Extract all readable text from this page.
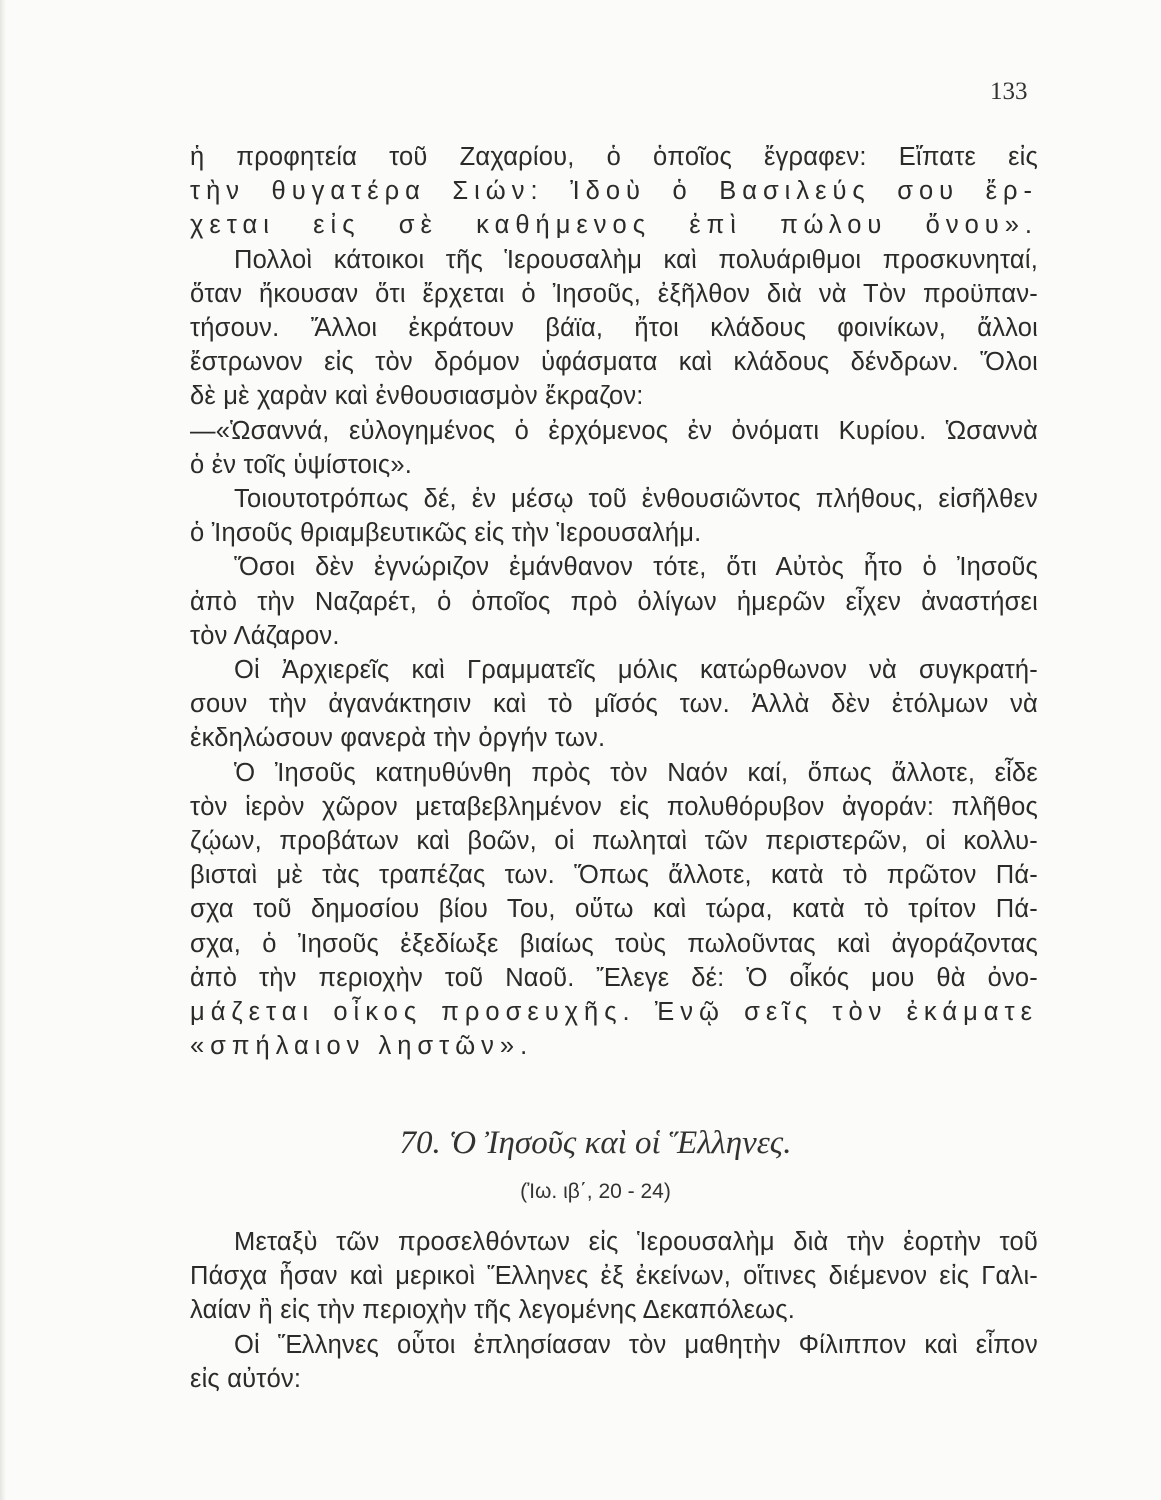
133
ἡ προφητεία τοῦ Ζαχαρίου, ὁ ὁποῖος ἔγραφεν: Εἴπατε εἰς
τὴν θυγατέρα Σιών: Ἰδοὺ ὁ Βασιλεύς σου ἔρ-
χεται εἰς σὲ καθήμενος ἐπὶ πώλου ὄνου».
Πολλοὶ κάτοικοι τῆς Ἱερουσαλὴμ καὶ πολυάριθμοι προσκυνηταί,
ὅταν ἤκουσαν ὅτι ἔρχεται ὁ Ἰησοῦς, ἐξῆλθον διὰ νὰ Τὸν προϋπαν-
τήσουν. Ἄλλοι ἐκράτουν βάϊα, ἤτοι κλάδους φοινίκων, ἄλλοι
ἔστρωνον εἰς τὸν δρόμον ὑφάσματα καὶ κλάδους δένδρων. Ὅλοι
δὲ μὲ χαρὰν καὶ ἐνθουσιασμὸν ἔκραζον:
—«Ὡσαννά, εὐλογημένος ὁ ἐρχόμενος ἐν ὀνόματι Κυρίου. Ὡσαννὰ
ὁ ἐν τοῖς ὑψίστοις».
Τοιουτοτρόπως δέ, ἐν μέσῳ τοῦ ἐνθουσιῶντος πλήθους, εἰσῆλθεν
ὁ Ἰησοῦς θριαμβευτικῶς εἰς τὴν Ἱερουσαλήμ.
Ὅσοι δὲν ἐγνώριζον ἐμάνθανον τότε, ὅτι Αὐτὸς ἦτο ὁ Ἰησοῦς
ἀπὸ τὴν Ναζαρέτ, ὁ ὁποῖος πρὸ ὀλίγων ἡμερῶν εἶχεν ἀναστήσει
τὸν Λάζαρον.
Οἱ Ἀρχιερεῖς καὶ Γραμματεῖς μόλις κατώρθωνον νὰ συγκρατή-
σουν τὴν ἀγανάκτησιν καὶ τὸ μῖσός των. Ἀλλὰ δὲν ἐτόλμων νὰ
ἐκδηλώσουν φανερὰ τὴν ὀργήν των.
Ὁ Ἰησοῦς κατηυθύνθη πρὸς τὸν Ναόν καί, ὅπως ἄλλοτε, εἶδε
τὸν ἱερὸν χῶρον μεταβεβλημένον εἰς πολυθόρυβον ἀγοράν: πλῆθος
ζῴων, προβάτων καὶ βοῶν, οἱ πωληταὶ τῶν περιστερῶν, οἱ κολλυ-
βισταὶ μὲ τὰς τραπέζας των. Ὅπως ἄλλοτε, κατὰ τὸ πρῶτον Πά-
σχα τοῦ δημοσίου βίου Του, οὕτω καὶ τώρα, κατὰ τὸ τρίτον Πά-
σχα, ὁ Ἰησοῦς ἐξεδίωξε βιαίως τοὺς πωλοῦντας καὶ ἀγοράζοντας
ἀπὸ τὴν περιοχὴν τοῦ Ναοῦ. Ἔλεγε δέ: Ὁ οἶκός μου θὰ ὀνο-
μάζεται οἶκος προσευχῆς. Ἐνῷ σεῖς τὸν ἐκάματε
«σπήλαιον ληστῶν».
70. Ὁ Ἰησοῦς καὶ οἱ Ἕλληνες.
(Ἰω. ιβ΄, 20 - 24)
Μεταξὺ τῶν προσελθόντων εἰς Ἱερουσαλὴμ διὰ τὴν ἑορτὴν τοῦ
Πάσχα ἦσαν καὶ μερικοὶ Ἕλληνες ἐξ ἐκείνων, οἵτινες διέμενον εἰς Γαλι-
λαίαν ἢ εἰς τὴν περιοχὴν τῆς λεγομένης Δεκαπόλεως.
Οἱ Ἕλληνες οὗτοι ἐπλησίασαν τὸν μαθητὴν Φίλιππον καὶ εἶπον
εἰς αὐτόν:
